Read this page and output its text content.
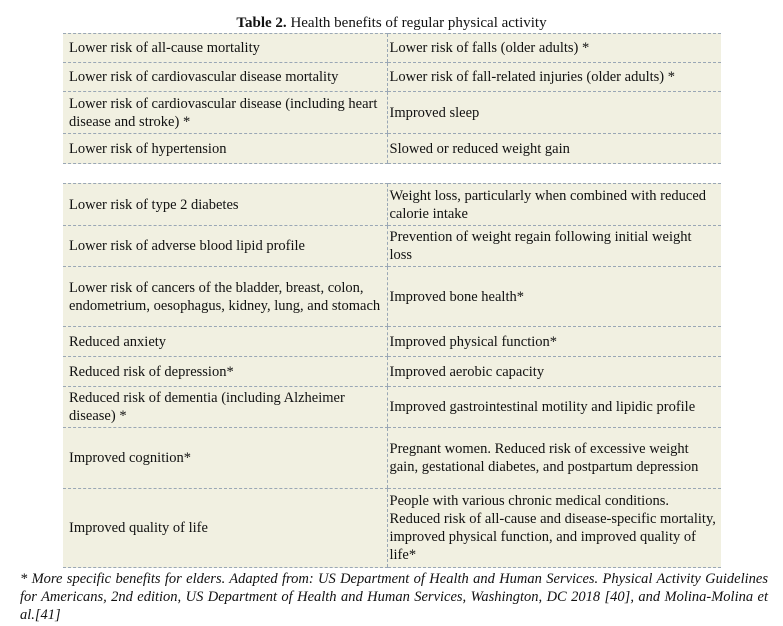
Table 2. Health benefits of regular physical activity
Lower risk of all-cause mortality	Lower risk of falls (older adults) *
Lower risk of cardiovascular disease mortality	Lower risk of fall-related injuries (older adults) *
Lower risk of cardiovascular disease (including heart disease and stroke) *	Improved sleep
Lower risk of hypertension	Slowed or reduced weight gain
Lower risk of type 2 diabetes	Weight loss, particularly when combined with reduced calorie intake
Lower risk of adverse blood lipid profile	Prevention of weight regain following initial weight loss
Lower risk of cancers of the bladder, breast, colon, endometrium, oesophagus, kidney, lung, and stomach	Improved bone health*
Reduced anxiety	Improved physical function*
Reduced risk of depression*	Improved aerobic capacity
Reduced risk of dementia (including Alzheimer disease) *	Improved gastrointestinal motility and lipidic profile
Improved cognition*	Pregnant women. Reduced risk of excessive weight gain, gestational diabetes, and postpartum depression
Improved quality of life	People with various chronic medical conditions. Reduced risk of all-cause and disease-specific mortality, improved physical function, and improved quality of life*
* More specific benefits for elders. Adapted from: US Department of Health and Human Services. Physical Activity Guidelines for Americans, 2nd edition, US Department of Health and Human Services, Washington, DC 2018 [40], and Molina-Molina et al.[41]
